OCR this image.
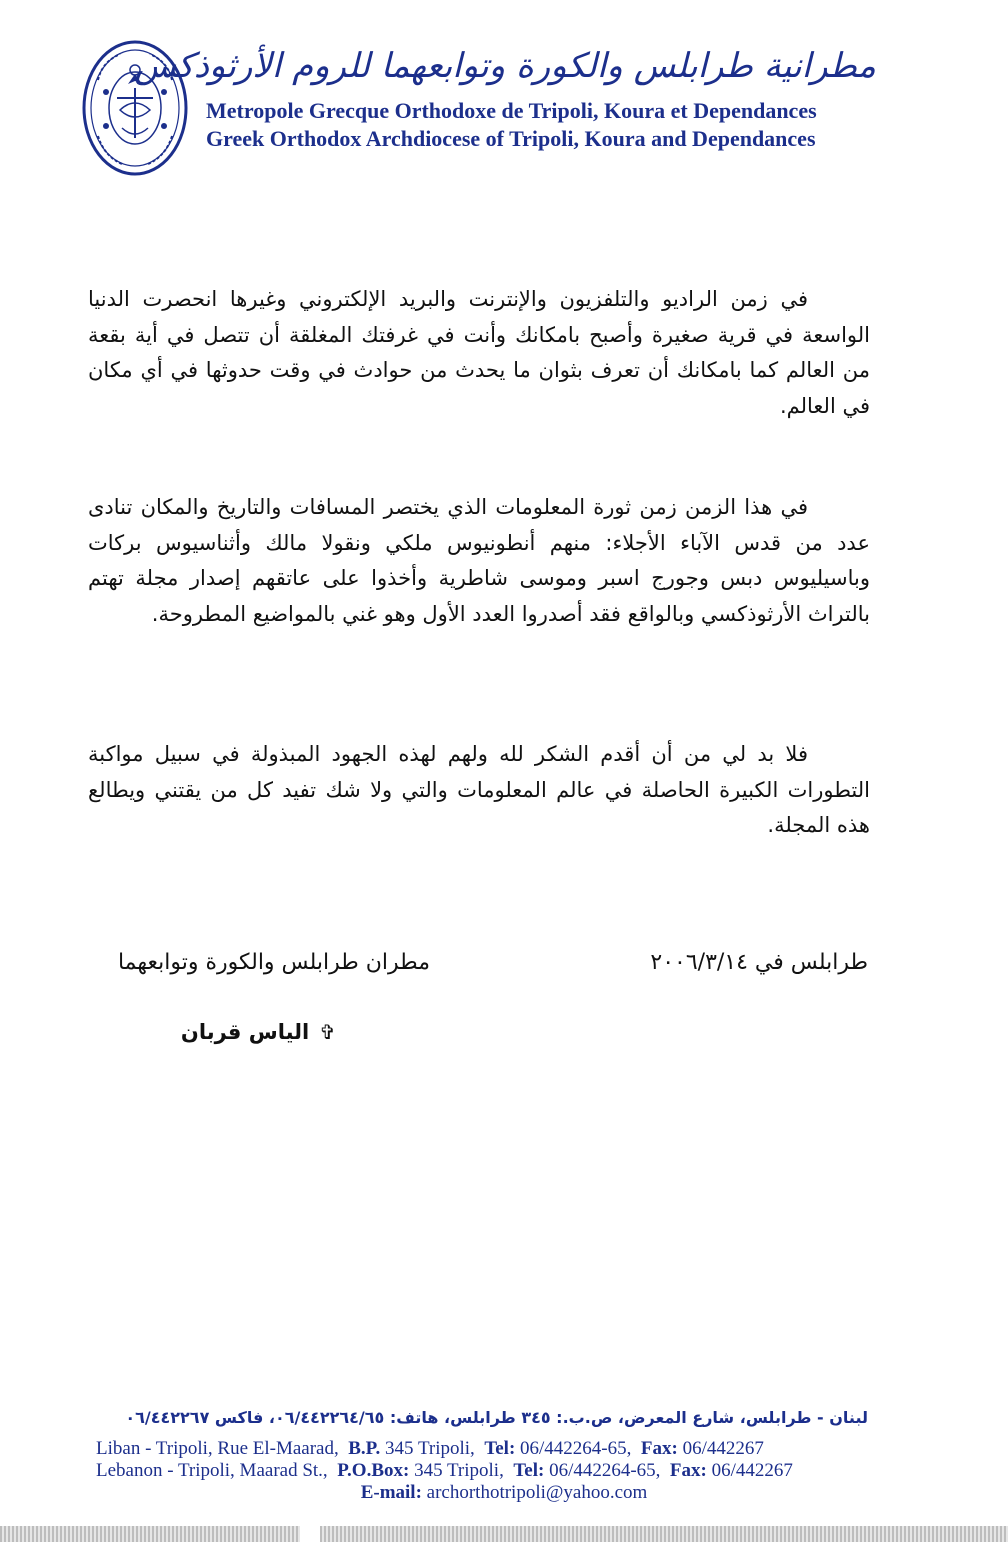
مطرانية طرابلس والكورة وتوابعهما للروم الأرثوذكس
Metropole Grecque Orthodoxe de Tripoli, Koura et Dependances
Greek Orthodox Archdiocese of Tripoli, Koura and Dependances

في زمن الراديو والتلفزيون والإنترنت والبريد الإلكتروني وغيرها انحصرت الدنيا الواسعة في قرية صغيرة وأصبح بامكانك وأنت في غرفتك المغلقة أن تتصل في أية بقعة من العالم كما بامكانك أن تعرف بثوان ما يحدث من حوادث في وقت حدوثها في أي مكان في العالم.

في هذا الزمن زمن ثورة المعلومات الذي يختصر المسافات والتاريخ والمكان تنادى عدد من قدس الآباء الأجلاء: منهم أنطونيوس ملكي ونقولا مالك وأثناسيوس بركات وباسيليوس دبس وجورج اسبر وموسى شاطرية وأخذوا على عاتقهم إصدار مجلة تهتم بالتراث الأرثوذكسي وبالواقع فقد أصدروا العدد الأول وهو غني بالمواضيع المطروحة.

فلا بد لي من أن أقدم الشكر لله ولهم لهذه الجهود المبذولة في سبيل مواكبة التطورات الكبيرة الحاصلة في عالم المعلومات والتي ولا شك تفيد كل من يقتني ويطالع هذه المجلة.

طرابلس في ٢٠٠٦/٣/١٤
مطران طرابلس والكورة وتوابعهما
✞
الياس قربان
لبنان - طرابلس، شارع المعرض، ص.ب.: ٣٤٥ طرابلس، هاتف: ٠٦/٤٤٢٢٦٤/٦٥، فاكس ٠٦/٤٤٢٢٦٧
Liban - Tripoli, Rue El-Maarad, B.P. 345 Tripoli, Tel: 06/442264-65, Fax: 06/442267
Lebanon - Tripoli, Maarad St., P.O.Box: 345 Tripoli, Tel: 06/442264-65, Fax: 06/442267
E-mail: archorthotripoli@yahoo.com
